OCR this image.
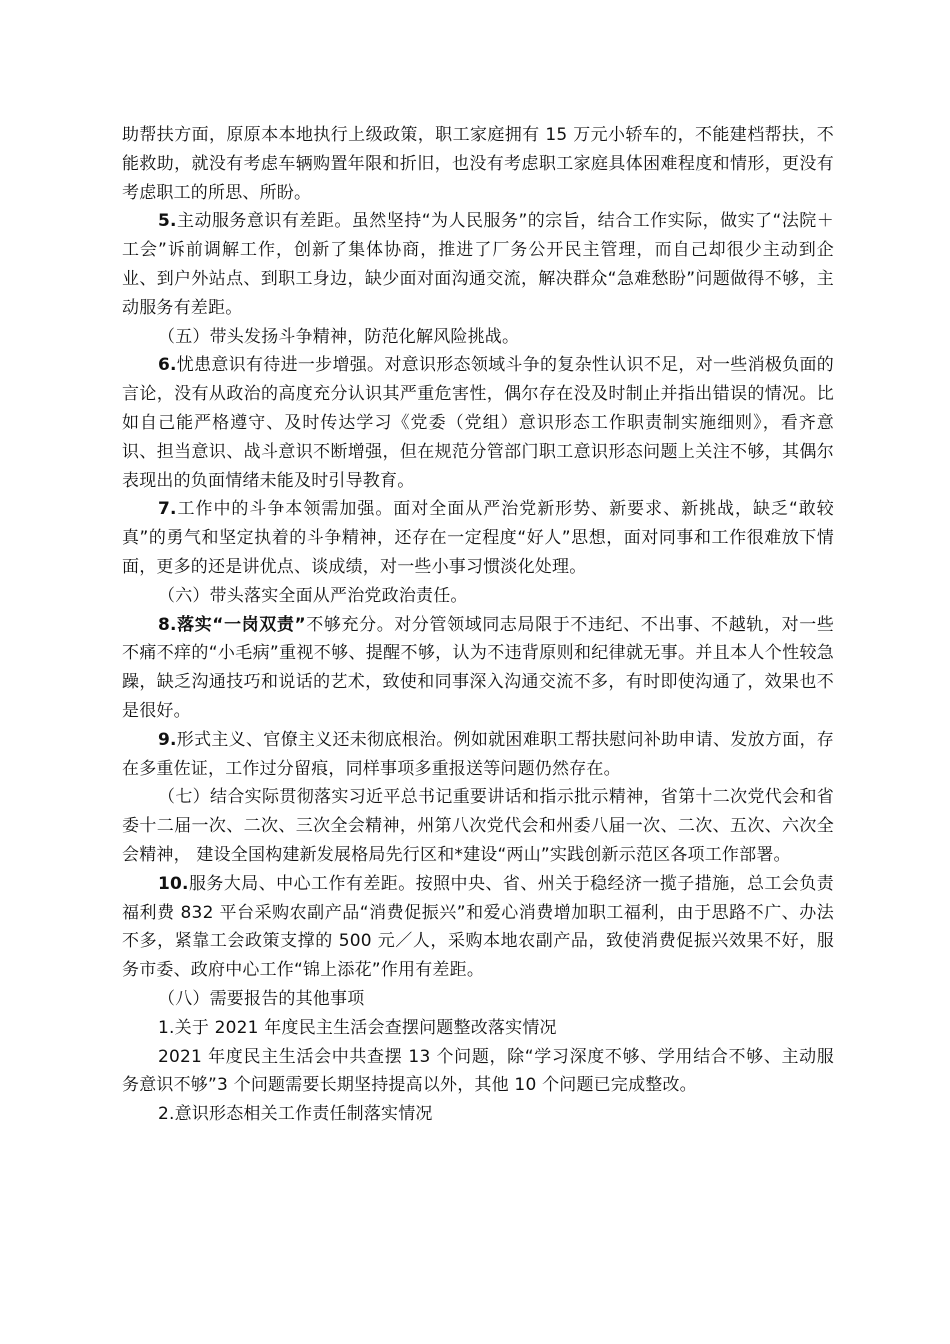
助帮扶方面，原原本本地执行上级政策，职工家庭拥有 15 万元小轿车的，不能建档帮扶，不能救助，就没有考虑车辆购置年限和折旧，也没有考虑职工家庭具体困难程度和情形，更没有考虑职工的所思、所盼。

5.主动服务意识有差距。虽然坚持“为人民服务”的宗旨，结合工作实际，做实了“法院＋工会”诉前调解工作，创新了集体协商，推进了厂务公开民主管理，而自己却很少主动到企业、到户外站点、到职工身边，缺少面对面沟通交流，解决群众“急难愁盼”问题做得不够，主动服务有差距。

（五）带头发扬斗争精神，防范化解风险挑战。

6.忧患意识有待进一步增强。对意识形态领域斗争的复杂性认识不足，对一些消极负面的言论，没有从政治的高度充分认识其严重危害性，偶尔存在没及时制止并指出错误的情况。比如自己能严格遵守、及时传达学习《党委（党组）意识形态工作职责制实施细则》，看齐意识、担当意识、战斗意识不断增强，但在规范分管部门职工意识形态问题上关注不够，其偶尔表现出的负面情绪未能及时引导教育。

7.工作中的斗争本领需加强。面对全面从严治党新形势、新要求、新挑战，缺乏“敢较真”的勇气和坚定执着的斗争精神，还存在一定程度“好人”思想，面对同事和工作很难放下情面，更多的还是讲优点、谈成绩，对一些小事习惯淡化处理。

（六）带头落实全面从严治党政治责任。

8.落实“一岗双责”不够充分。对分管领域同志局限于不违纪、不出事、不越轨，对一些不痛不痒的“小毛病”重视不够、提醒不够，认为不违背原则和纪律就无事。并且本人个性较急躁，缺乏沟通技巧和说话的艺术，致使和同事深入沟通交流不多，有时即使沟通了，效果也不是很好。

9.形式主义、官僚主义还未彻底根治。例如就困难职工帮扶慰问补助申请、发放方面，存在多重佐证，工作过分留痕，同样事项多重报送等问题仍然存在。

（七）结合实际贯彻落实习近平总书记重要讲话和指示批示精神，省第十二次党代会和省委十二届一次、二次、三次全会精神，州第八次党代会和州委八届一次、二次、五次、六次全会精神， 建设全国构建新发展格局先行区和*建设“两山”实践创新示范区各项工作部署。

10.服务大局、中心工作有差距。按照中央、省、州关于稳经济一揽子措施，总工会负责福利费 832 平台采购农副产品“消费促振兴”和爱心消费增加职工福利，由于思路不广、办法不多，紧靠工会政策支撑的 500 元／人，采购本地农副产品，致使消费促振兴效果不好，服务市委、政府中心工作“锦上添花”作用有差距。

（八）需要报告的其他事项

1.关于 2021 年度民主生活会查摆问题整改落实情况

2021 年度民主生活会中共查摆 13 个问题，除“学习深度不够、学用结合不够、主动服务意识不够”3 个问题需要长期坚持提高以外，其他 10 个问题已完成整改。

2.意识形态相关工作责任制落实情况
